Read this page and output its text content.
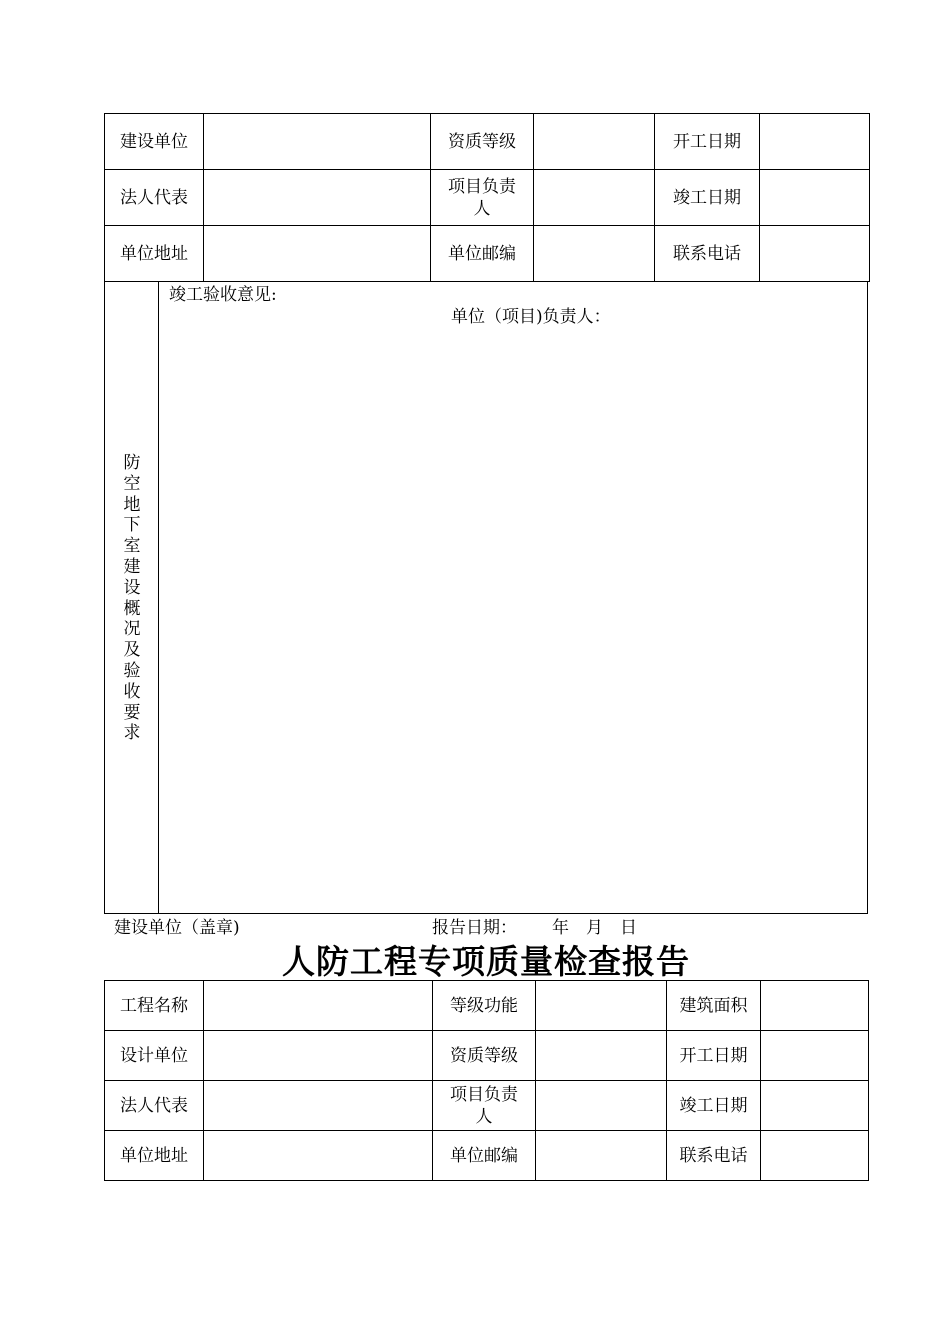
建设单位		资质等级		开工日期	
法人代表		项目负责人		竣工日期	
单位地址		单位邮编		联系电话	
防空地下室建设概况及验收要求
竣工验收意见:
单位（项目)负责人：
建设单位（盖章)	报告日期： 年 月 日
人防工程专项质量检查报告
工程名称		等级功能		建筑面积	
设计单位		资质等级		开工日期	
法人代表		项目负责人		竣工日期	
单位地址		单位邮编		联系电话	
